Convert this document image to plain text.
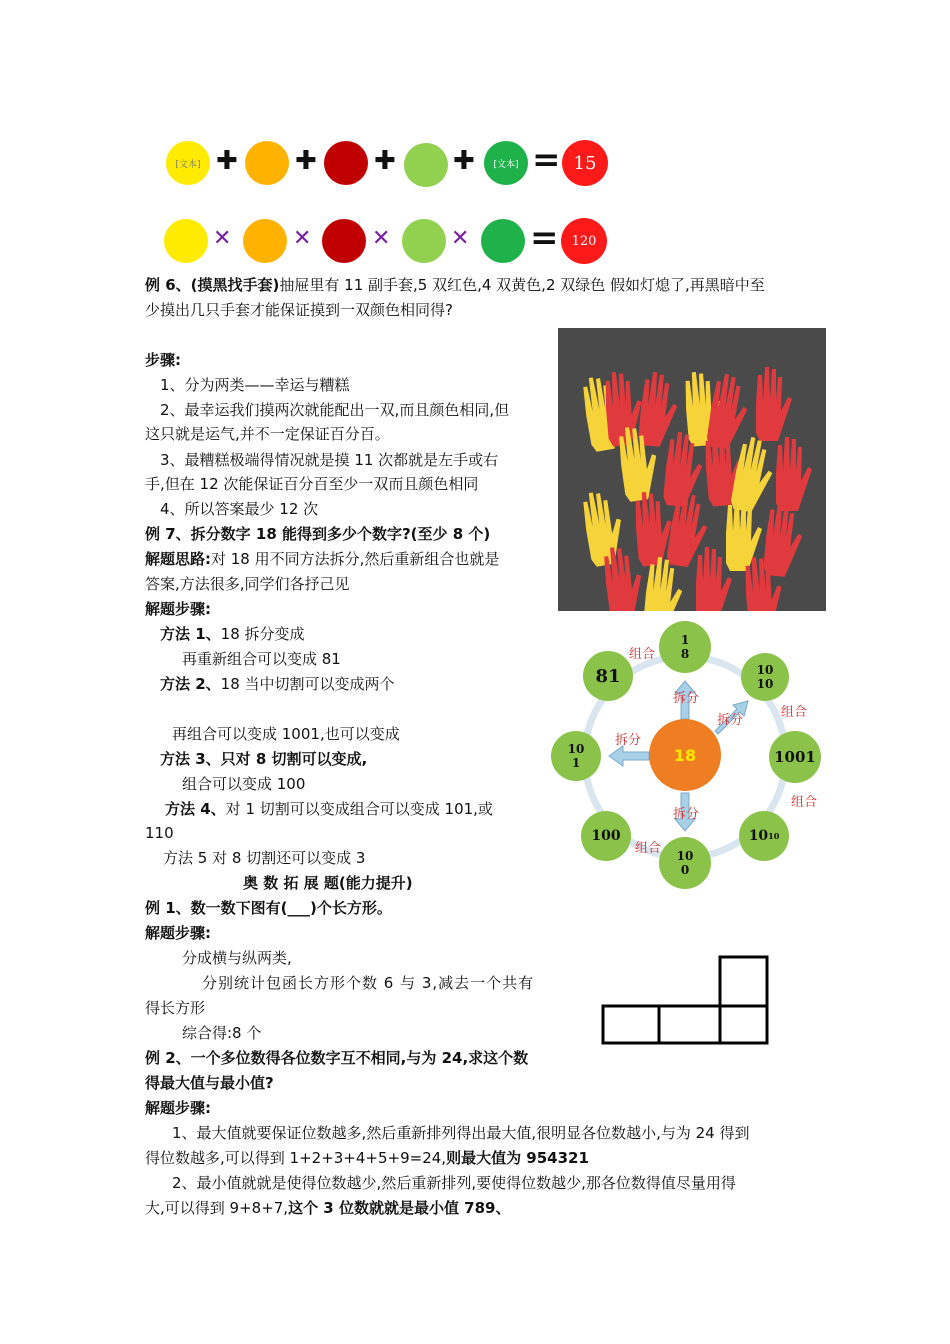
[文本] ✚ ✚ ✚ ✚ [文本] = 15
✕	✕	✕	✕ = 120
例 6、(摸黑找手套)抽屉里有 11 副手套,5 双红色,4 双黄色,2 双绿色 假如灯熄了,再黑暗中至
少摸出几只手套才能保证摸到一双颜色相同得?
步骤:
1、分为两类——幸运与糟糕
2、最幸运我们摸两次就能配出一双,而且颜色相同,但
这只就是运气,并不一定保证百分百。
3、最糟糕极端得情况就是摸 11 次都就是左手或右
手,但在 12 次能保证百分百至少一双而且颜色相同
4、所以答案最少 12 次
例 7、拆分数字 18 能得到多少个数字?(至少 8 个)
解题思路:对 18 用不同方法拆分,然后重新组合也就是
答案,方法很多,同学们各抒己见
解题步骤:
方法 1、18 拆分变成
再重新组合可以变成 81
方法 2、18 当中切割可以变成两个
再组合可以变成 1001,也可以变成
方法 3、只对 8 切割可以变成,
组合可以变成 100
方法 4、对 1 切割可以变成组合可以变成 101,或
110
方法 5 对 8 切割还可以变成 3
奥 数 拓 展 题(能力提升)
18
1
8
81	10
10
10
1	1001
100	10 10
10
0
组合
拆分
拆分
组合
拆分
组合
拆分
组合
例 1、数一数下图有(___)个长方形。
解题步骤:
分成横与纵两类,
分别统计包函长方形个数 6 与 3,减去一个共有
得长方形
综合得:8 个
例 2、一个多位数得各位数字互不相同,与为 24,求这个数
得最大值与最小值?
解题步骤:
1、最大值就要保证位数越多,然后重新排列得出最大值,很明显各位数越小,与为 24 得到
得位数越多,可以得到 1+2+3+4+5+9=24,则最大值为 954321
2、最小值就就是使得位数越少,然后重新排列,要使得位数越少,那各位数得值尽量用得
大,可以得到 9+8+7,这个 3 位数就就是最小值 789、
